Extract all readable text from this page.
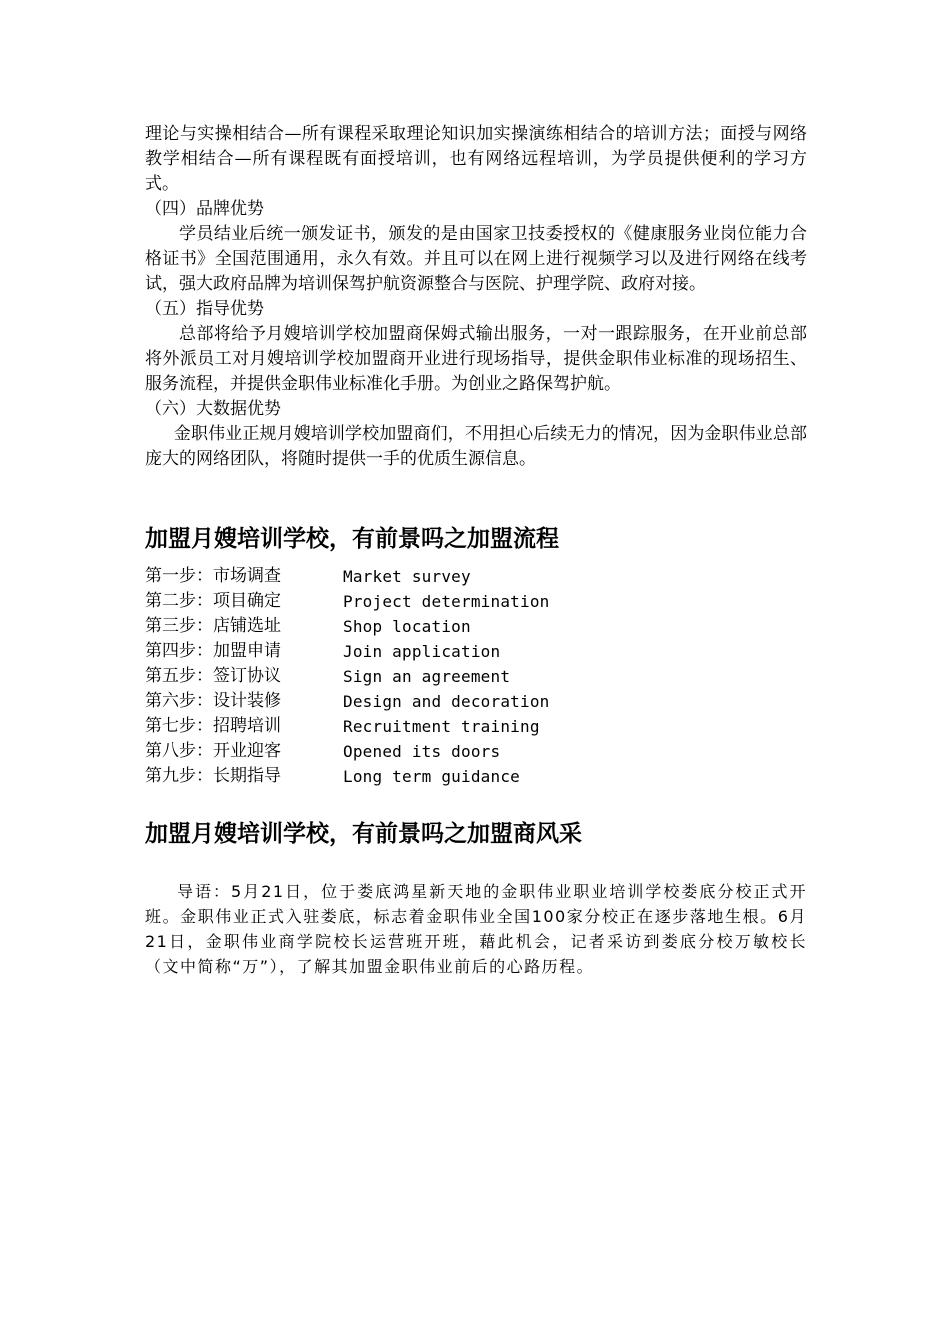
理论与实操相结合—所有课程采取理论知识加实操演练相结合的培训方法；面授与网络教学相结合—所有课程既有面授培训，也有网络远程培训，为学员提供便利的学习方式。

（四）品牌优势

学员结业后统一颁发证书，颁发的是由国家卫技委授权的《健康服务业岗位能力合格证书》全国范围通用，永久有效。并且可以在网上进行视频学习以及进行网络在线考试，强大政府品牌为培训保驾护航资源整合与医院、护理学院、政府对接。

（五）指导优势

总部将给予月嫂培训学校加盟商保姆式输出服务，一对一跟踪服务，在开业前总部将外派员工对月嫂培训学校加盟商开业进行现场指导，提供金职伟业标准的现场招生、服务流程，并提供金职伟业标准化手册。为创业之路保驾护航。

（六）大数据优势

金职伟业正规月嫂培训学校加盟商们，不用担心后续无力的情况，因为金职伟业总部庞大的网络团队，将随时提供一手的优质生源信息。

加盟月嫂培训学校，有前景吗之加盟流程
第一步：市场调查	Market survey
第二步：项目确定	Project determination
第三步：店铺选址	Shop location
第四步：加盟申请	Join application
第五步：签订协议	Sign an agreement
第六步：设计装修	Design and decoration
第七步：招聘培训	Recruitment training
第八步：开业迎客	Opened its doors
第九步：长期指导	Long term guidance
加盟月嫂培训学校，有前景吗之加盟商风采

导语：5月21日，位于娄底鸿星新天地的金职伟业职业培训学校娄底分校正式开班。金职伟业正式入驻娄底，标志着金职伟业全国100家分校正在逐步落地生根。6月21日，金职伟业商学院校长运营班开班，藉此机会，记者采访到娄底分校万敏校长（文中简称“万”），了解其加盟金职伟业前后的心路历程。
